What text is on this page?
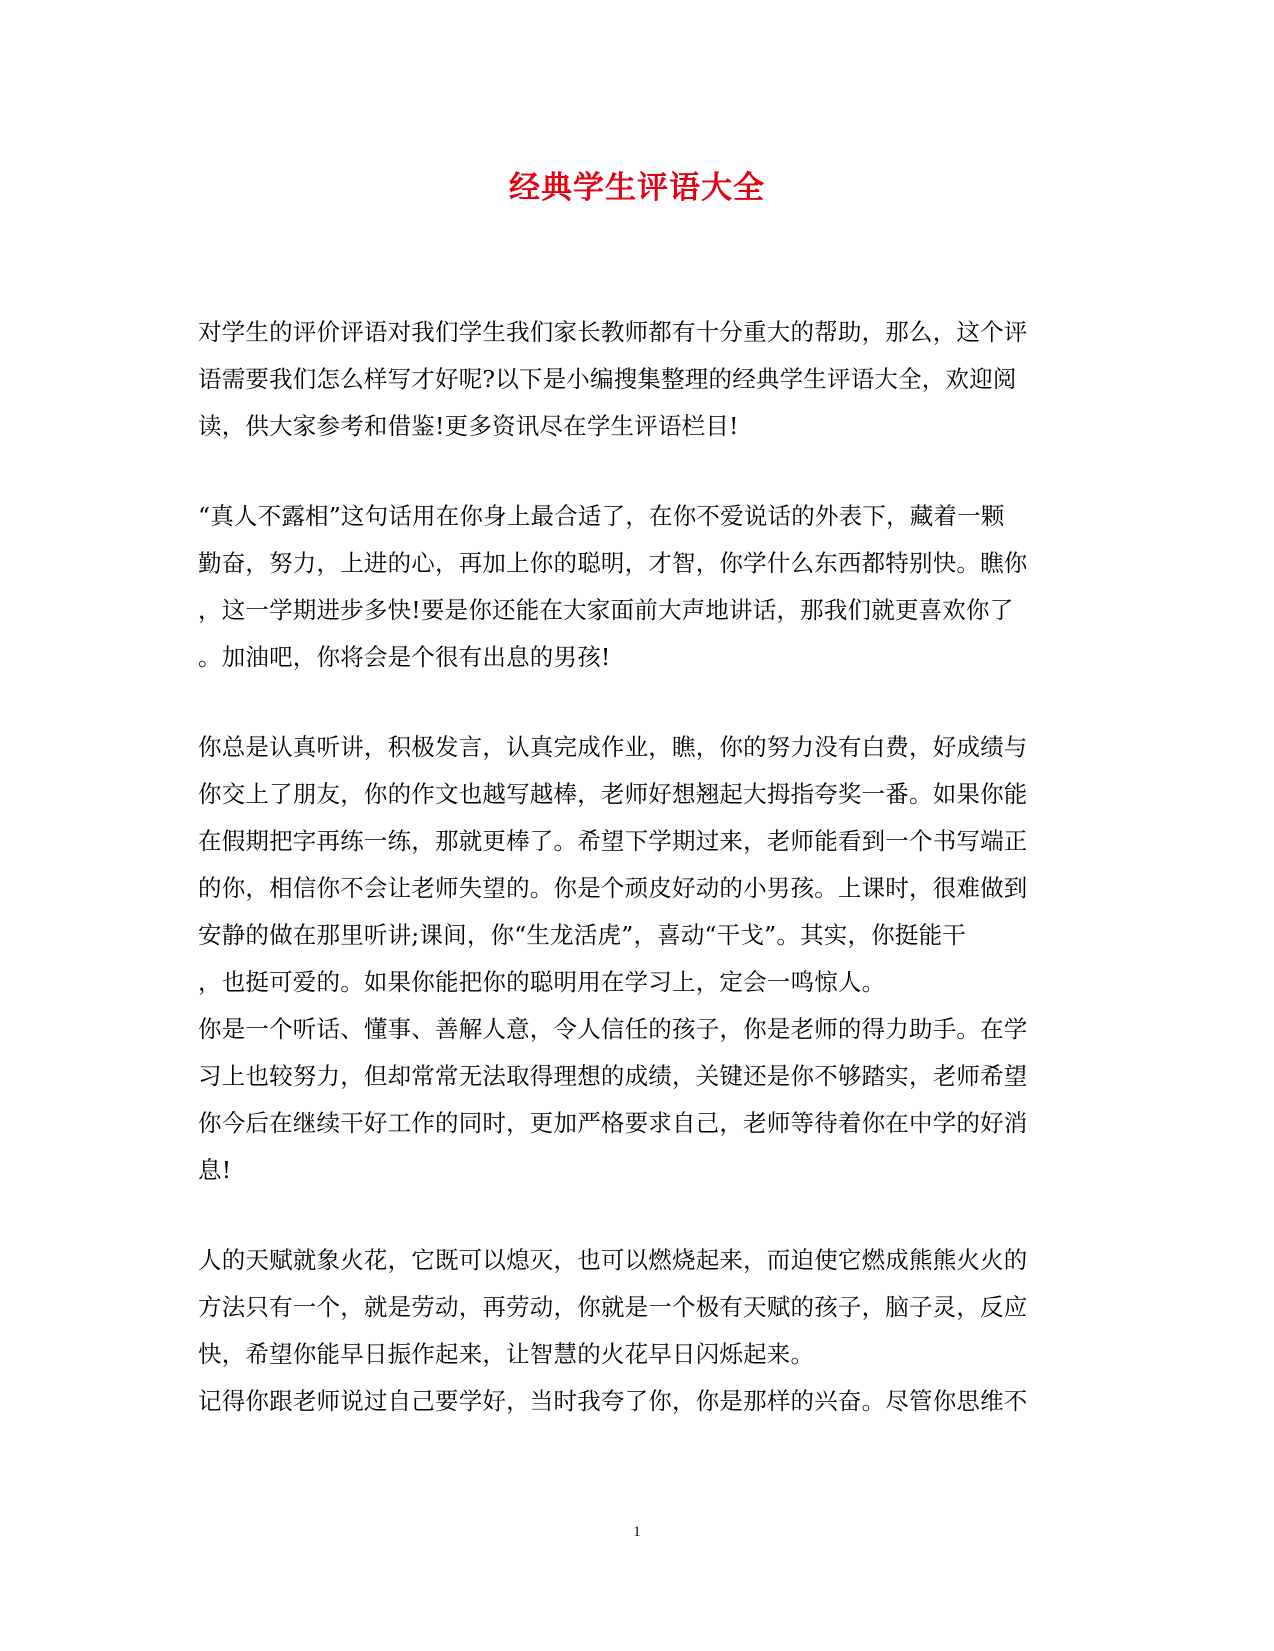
经典学生评语大全
对学生的评价评语对我们学生我们家长教师都有十分重大的帮助，那么，这个评
语需要我们怎么样写才好呢?以下是小编搜集整理的经典学生评语大全，欢迎阅
读，供大家参考和借鉴!更多资讯尽在学生评语栏目!
“真人不露相”这句话用在你身上最合适了，在你不爱说话的外表下，藏着一颗
勤奋，努力，上进的心，再加上你的聪明，才智，你学什么东西都特别快。瞧你
，这一学期进步多快!要是你还能在大家面前大声地讲话，那我们就更喜欢你了
。加油吧，你将会是个很有出息的男孩!
你总是认真听讲，积极发言，认真完成作业，瞧，你的努力没有白费，好成绩与
你交上了朋友，你的作文也越写越棒，老师好想翘起大拇指夸奖一番。如果你能
在假期把字再练一练，那就更棒了。希望下学期过来，老师能看到一个书写端正
的你，相信你不会让老师失望的。你是个顽皮好动的小男孩。上课时，很难做到
安静的做在那里听讲;课间，你“生龙活虎”，喜动“干戈”。其实，你挺能干
，也挺可爱的。如果你能把你的聪明用在学习上，定会一鸣惊人。
你是一个听话、懂事、善解人意，令人信任的孩子，你是老师的得力助手。在学
习上也较努力，但却常常无法取得理想的成绩，关键还是你不够踏实，老师希望
你今后在继续干好工作的同时，更加严格要求自己，老师等待着你在中学的好消
息!
人的天赋就象火花，它既可以熄灭，也可以燃烧起来，而迫使它燃成熊熊火火的
方法只有一个，就是劳动，再劳动，你就是一个极有天赋的孩子，脑子灵，反应
快，希望你能早日振作起来，让智慧的火花早日闪烁起来。
记得你跟老师说过自己要学好，当时我夸了你，你是那样的兴奋。尽管你思维不
1
